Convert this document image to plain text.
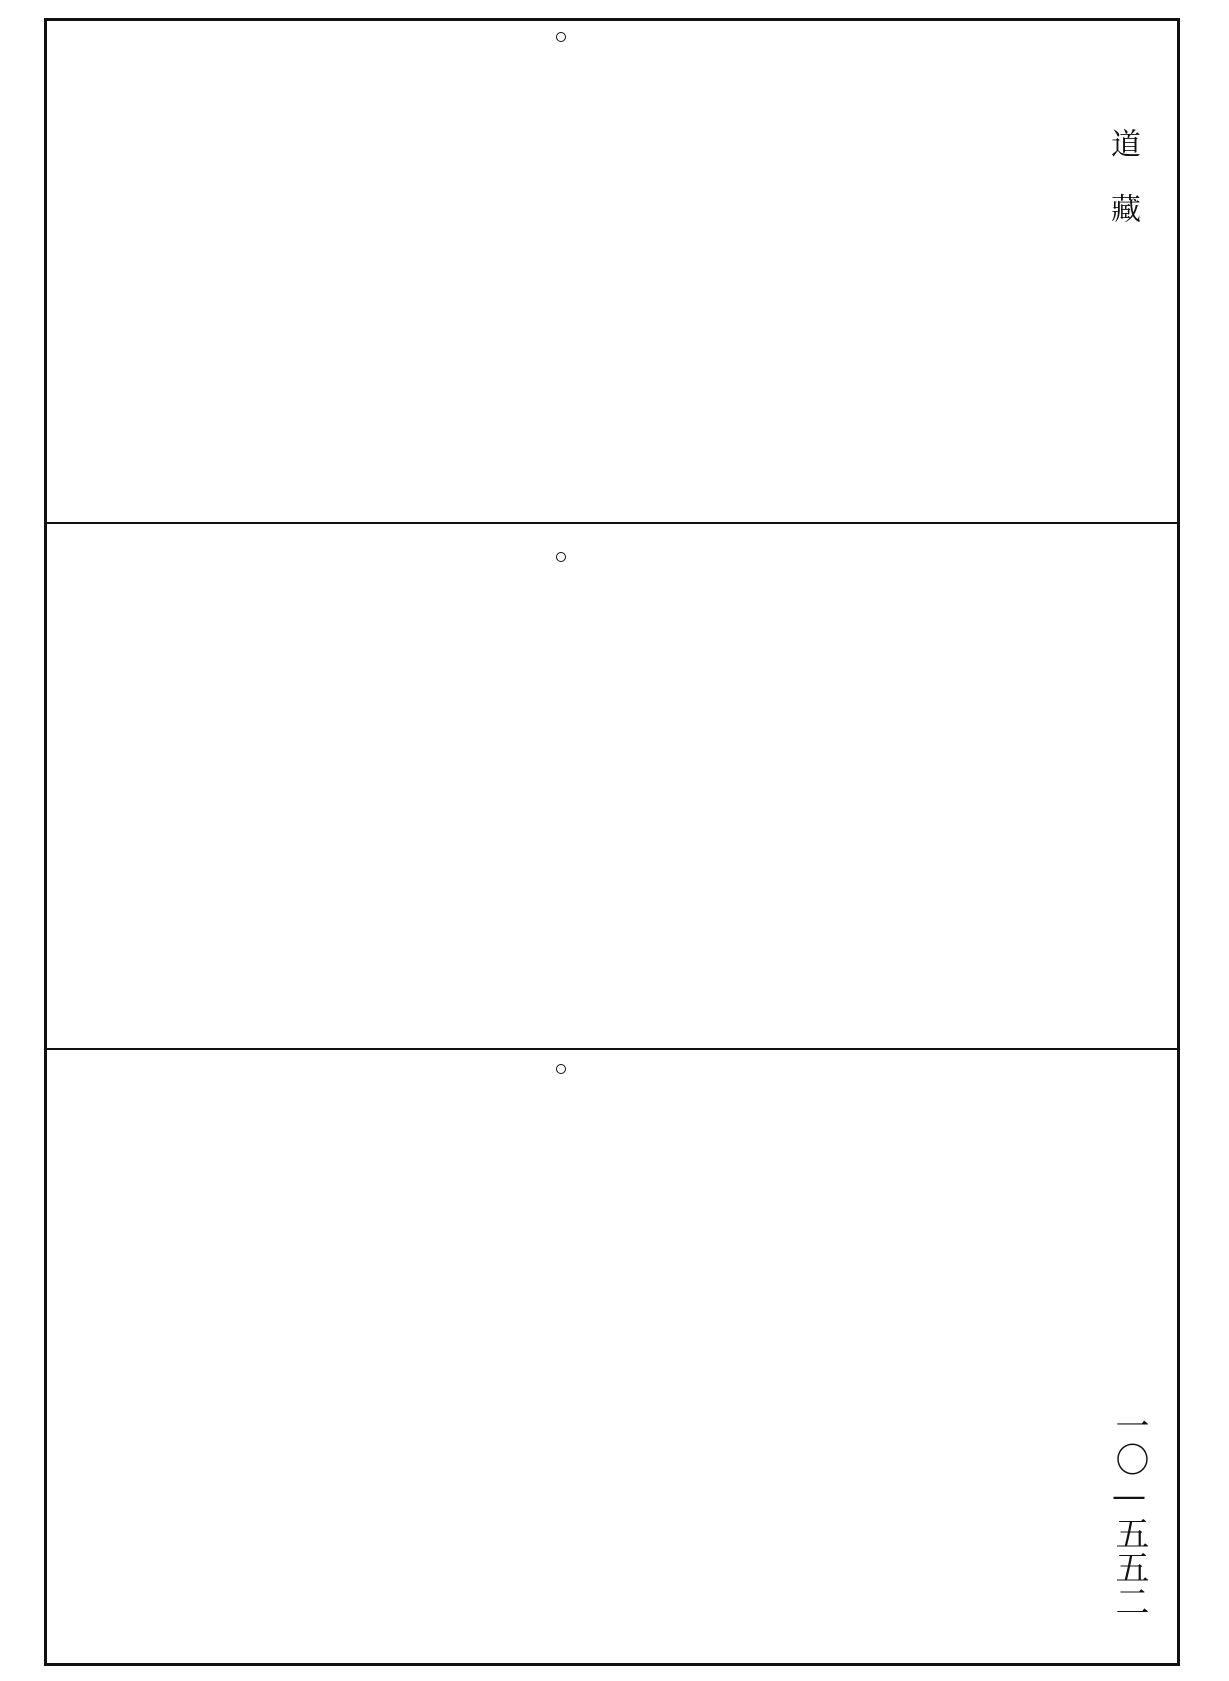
道 藏
一〇—五五二
